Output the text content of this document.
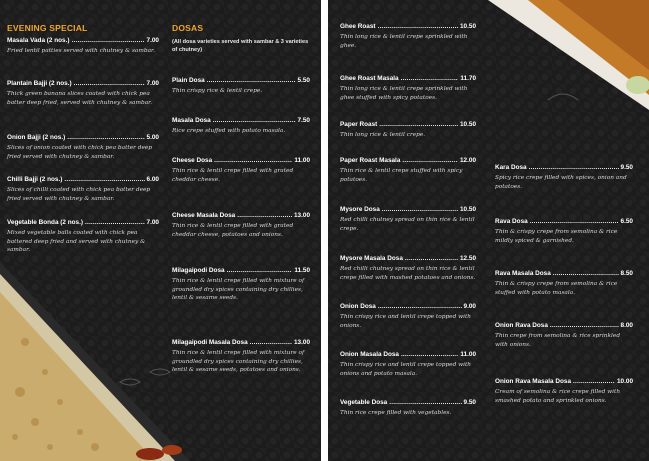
EVENING SPECIAL
Masala Vada (2 nos.) .....	7.00
Fried lentil patties served with chutney & sambar.
Plantain Bajji (2 nos.) .....	7.00
Thick green banana slices coated with chick pea batter deep fried, served with chutney & sambar.
Onion Bajji (2 nos.) .....	5.00
Slices of onion coated with chick pea batter deep fried served with chutney & sambar.
Chilli Bajji (2 nos.) .....	6.00
Slices of chilli coated with chick pea batter deep fried served with chutney & sambar.
Vegetable Bonda (2 nos.) .....	7.00
Mixed vegetable balls coated with chick pea battered deep fried and served with chutney & sambar.
DOSAS
(All dosa varieties served with sambar & 3 varieties of chutney)
Plain Dosa .....	5.50
Thin crispy rice & lentil crepe.
Masala Dosa .....	7.50
Rice crepe stuffed with potato masala.
Cheese Dosa .....	11.00
Thin rice & lentil crepe filled with grated cheddar cheese.
Cheese Masala Dosa .....	13.00
Thin rice & lentil crepe filled with grated cheddar cheese, potatoes and onions.
Milagaipodi Dosa .....	11.50
Thin rice & lentil crepe filled with mixture of groundled dry spices containing dry chillies, lentil & sesame seeds.
Milagaipodi Masala Dosa .....	13.00
Thin rice & lentil crepe filled with mixture of groundled dry spices containing dry chillies, lentil & sesame seeds, potatoes and onions.
Ghee Roast .....	10.50
Thin long rice & lentil crepe sprinkled with ghee.
Ghee Roast Masala .....	11.70
Thin long rice & lentil crepe sprinkled with ghee stuffed with spicy potatoes.
Paper Roast .....	10.50
Thin long rice & lentil crepe.
Paper Roast Masala .....	12.00
Thin rice & lentil crepe stuffed with spicy potatoes.
Mysore Dosa .....	10.50
Red chilli chutney spread on thin rice & lentil crepe.
Mysore Masala Dosa .....	12.50
Red chilli chutney spread on thin rice & lentil crepe filled with mashed potatoes and onions.
Onion Dosa .....	9.00
Thin crispy rice and lentil crepe topped with onions.
Onion Masala Dosa .....	11.00
Thin crispy rice and lentil crepe topped with onions and potato masala.
Vegetable Dosa .....	9.50
Thin rice crepe filled with vegetables.
Kara Dosa .....	9.50
Spicy rice crepe filled with spices, onion and potatoes.
Rava Dosa .....	6.50
Thin & crispy crepe from semolina & rice mildly spiced & garnished.
Rava Masala Dosa .....	8.50
Thin & crispy crepe from semolina & rice stuffed with potato masala.
Onion Rava Dosa .....	8.00
Thin crepe from semolina & rice sprinkled with onions.
Onion Rava Masala Dosa .....	10.00
Cream of semolina & rice crepe filled with smashed potato and sprinkled onions.
